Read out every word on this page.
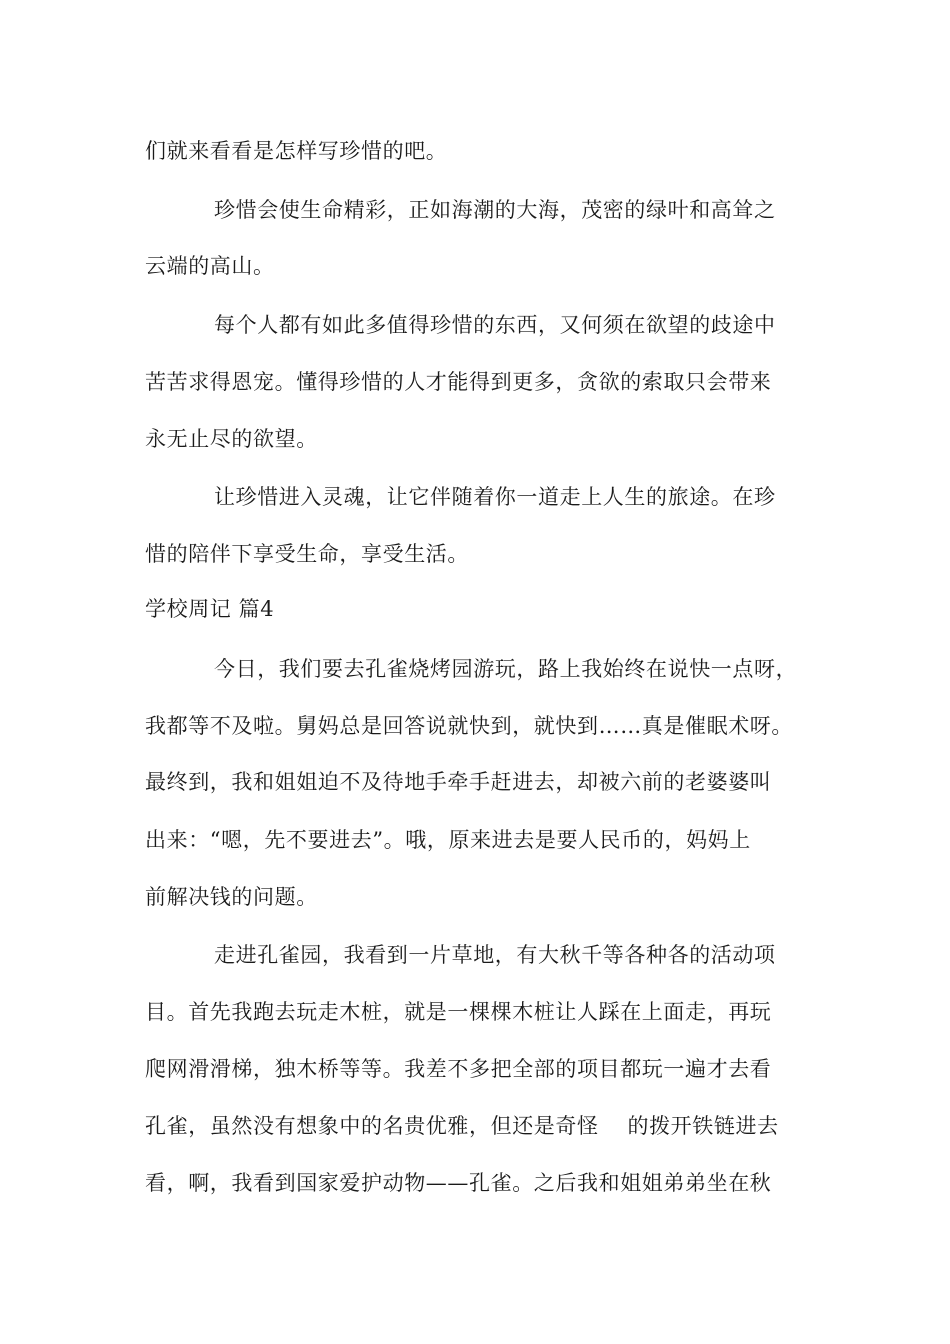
们就来看看是怎样写珍惜的吧。
珍惜会使生命精彩，正如海潮的大海，茂密的绿叶和高耸之
云端的高山。
每个人都有如此多值得珍惜的东西，又何须在欲望的歧途中
苦苦求得恩宠。懂得珍惜的人才能得到更多，贪欲的索取只会带来
永无止尽的欲望。
让珍惜进入灵魂，让它伴随着你一道走上人生的旅途。在珍
惜的陪伴下享受生命，享受生活。
学校周记 篇4
今日，我们要去孔雀烧烤园游玩，路上我始终在说快一点呀，
我都等不及啦。舅妈总是回答说就快到，就快到……真是催眠术呀。
最终到，我和姐姐迫不及待地手牵手赶进去，却被六前的老婆婆叫
出来：“嗯，先不要进去”。哦，原来进去是要人民币的，妈妈上
前解决钱的问题。
走进孔雀园，我看到一片草地，有大秋千等各种各的活动项
目。首先我跑去玩走木桩，就是一棵棵木桩让人踩在上面走，再玩
爬网滑滑梯，独木桥等等。我差不多把全部的项目都玩一遍才去看
孔雀，虽然没有想象中的名贵优雅，但还是奇怪　 的拨开铁链进去
看，啊，我看到国家爱护动物——孔雀。之后我和姐姐弟弟坐在秋
